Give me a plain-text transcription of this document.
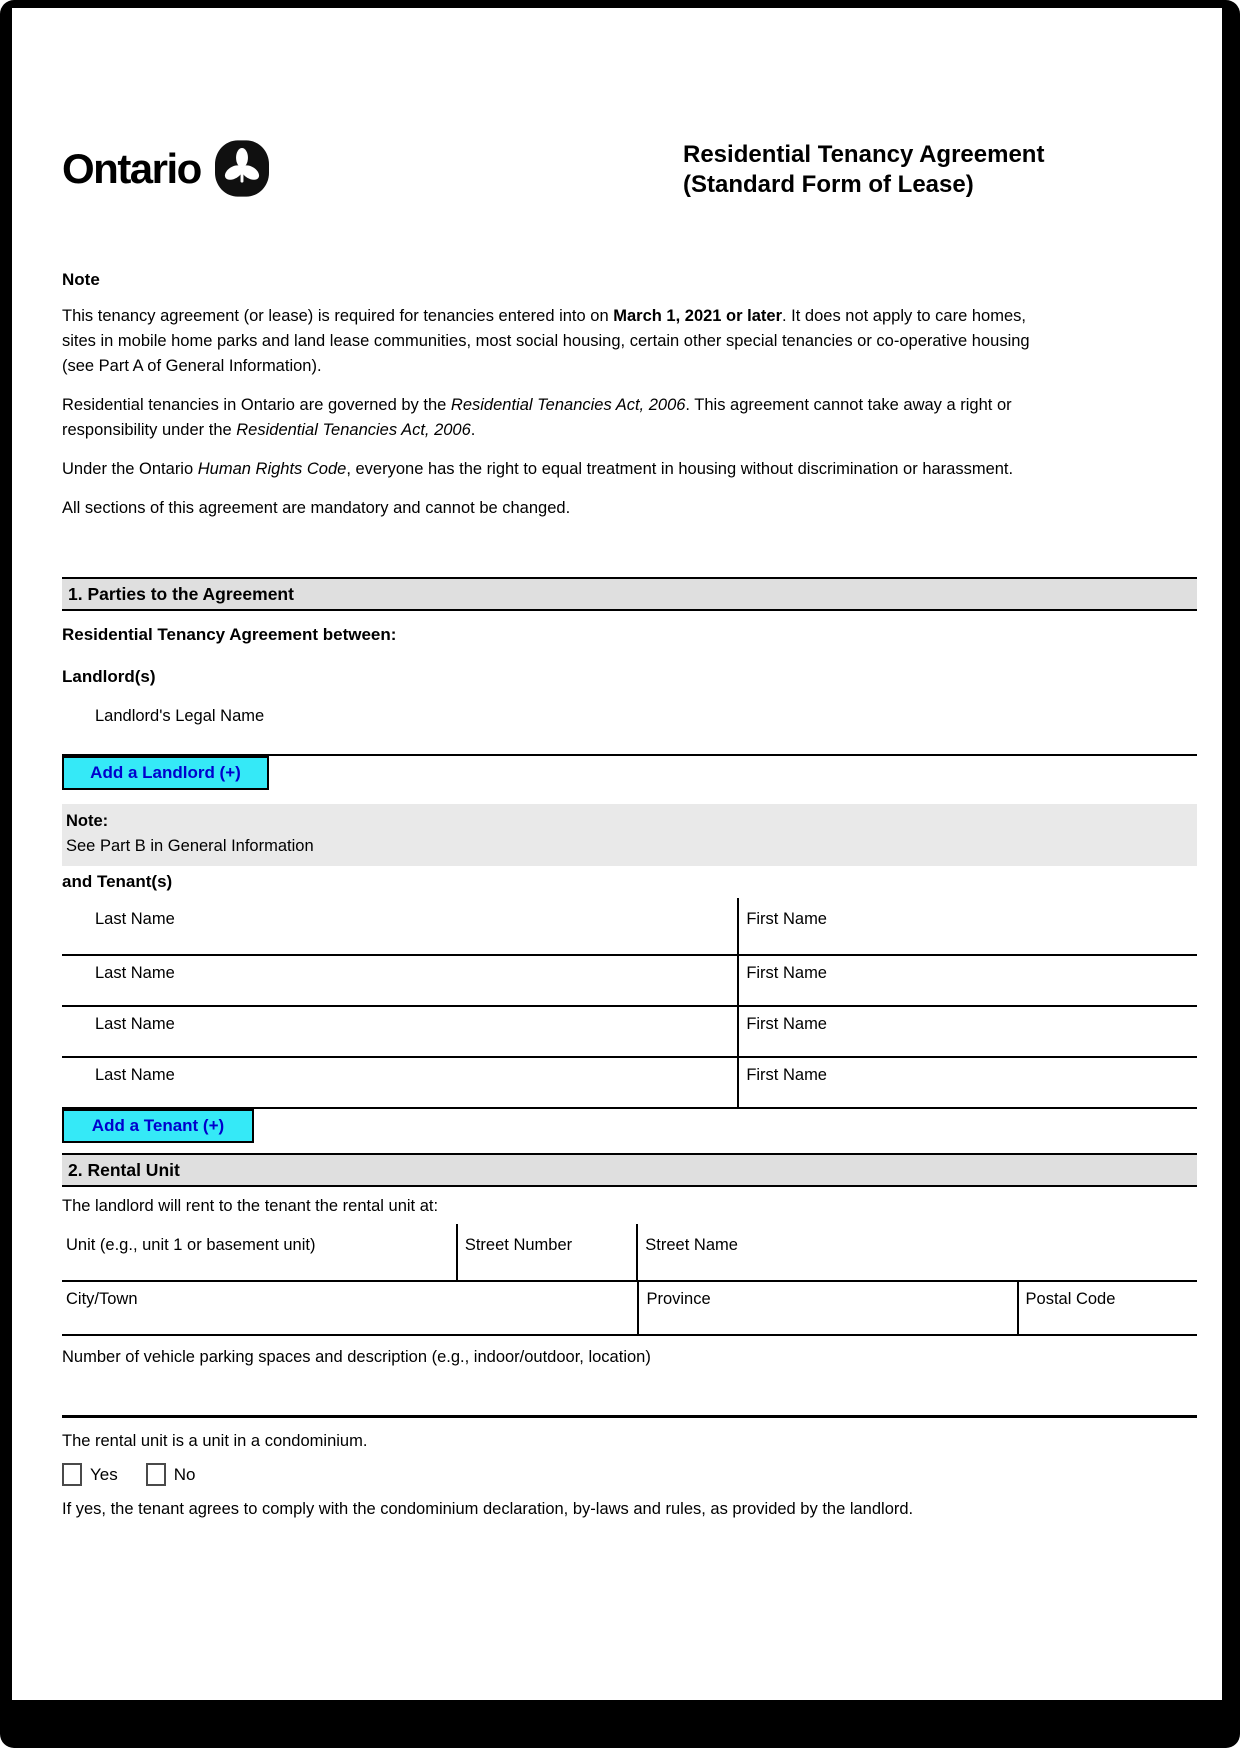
Ontario	Residential Tenancy Agreement
(Standard Form of Lease)
Note

This tenancy agreement (or lease) is required for tenancies entered into on March 1, 2021 or later. It does not apply to care homes, sites in mobile home parks and land lease communities, most social housing, certain other special tenancies or co-operative housing (see Part A of General Information).

Residential tenancies in Ontario are governed by the Residential Tenancies Act, 2006. This agreement cannot take away a right or responsibility under the Residential Tenancies Act, 2006.

Under the Ontario Human Rights Code, everyone has the right to equal treatment in housing without discrimination or harassment.

All sections of this agreement are mandatory and cannot be changed.

1. Parties to the Agreement
Residential Tenancy Agreement between:
Landlord(s)
Landlord's Legal Name
Add a Landlord (+)
Note:
See Part B in General Information
and Tenant(s)
Last Name	First Name
Last Name	First Name
Last Name	First Name
Last Name	First Name
Add a Tenant (+)
2. Rental Unit
The landlord will rent to the tenant the rental unit at:
Unit (e.g., unit 1 or basement unit)	Street Number	Street Name
City/Town	Province	Postal Code
Number of vehicle parking spaces and description (e.g., indoor/outdoor, location)
The rental unit is a unit in a condominium.
Yes	No
If yes, the tenant agrees to comply with the condominium declaration, by-laws and rules, as provided by the landlord.
